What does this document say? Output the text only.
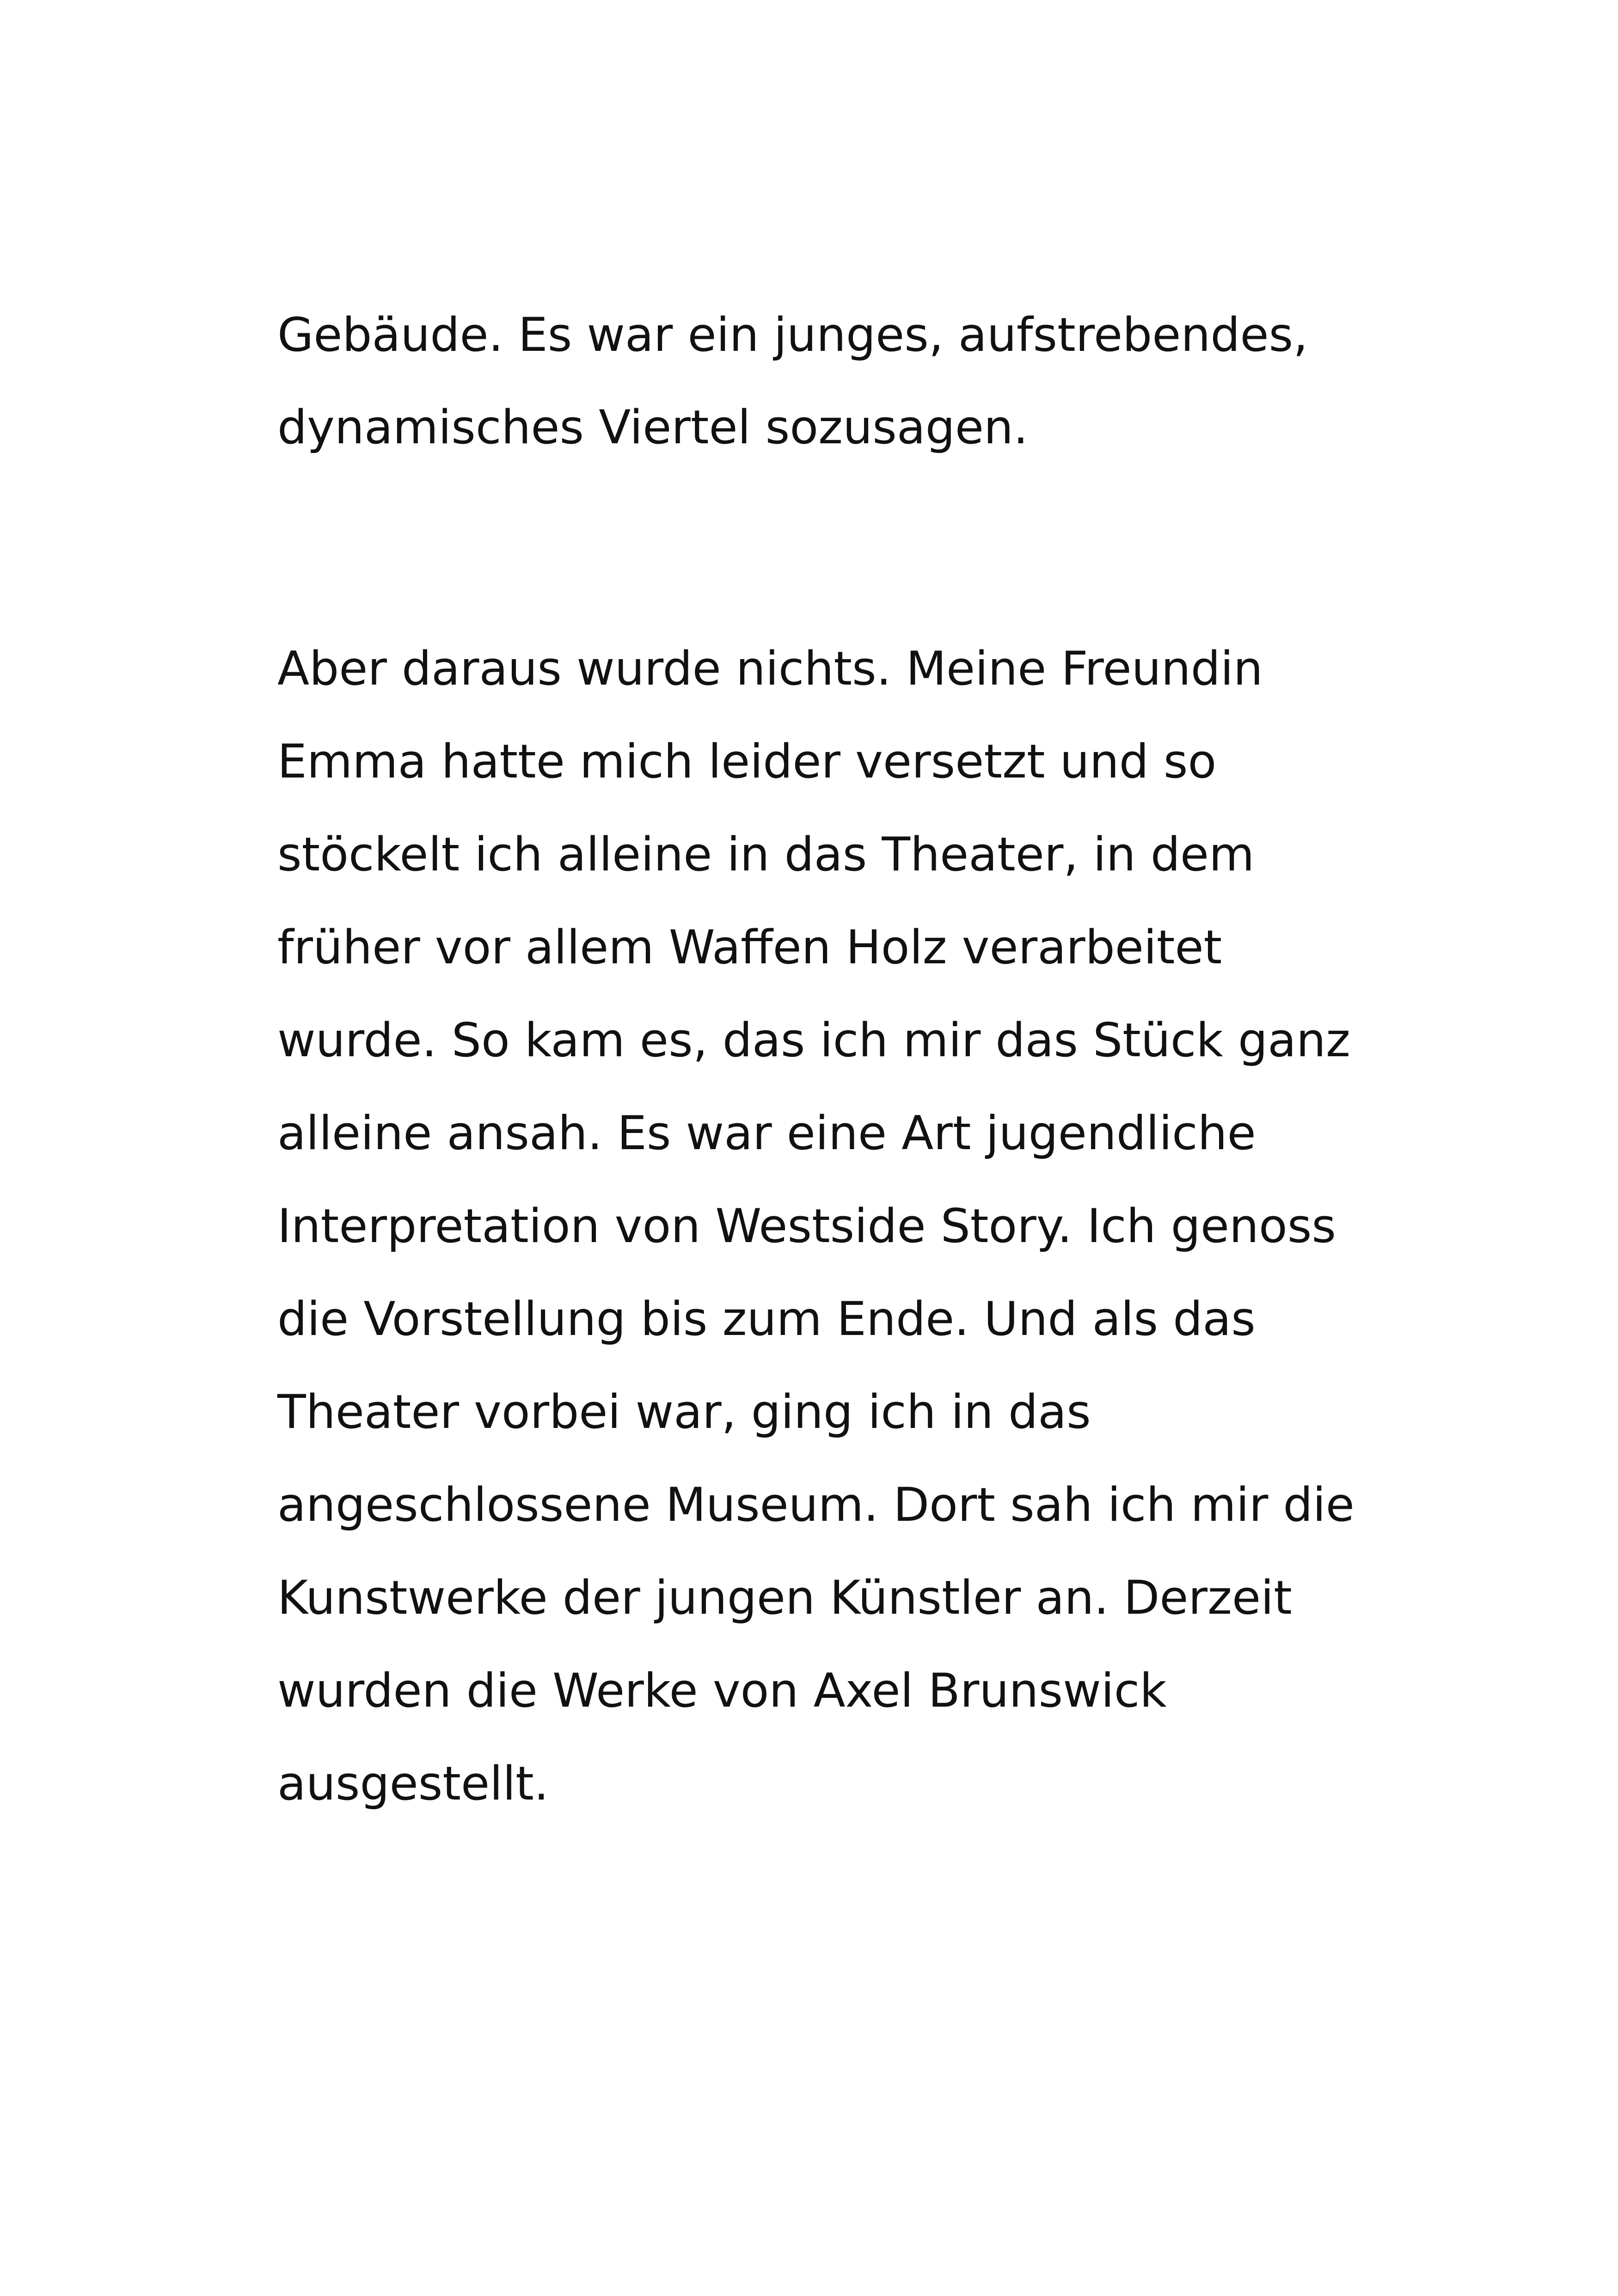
Gebäude. Es war ein junges, aufstrebendes,
dynamisches Viertel sozusagen.
Aber daraus wurde nichts. Meine Freundin
Emma hatte mich leider versetzt und so
stöckelt ich alleine in das Theater, in dem
früher vor allem Waffen Holz verarbeitet
wurde. So kam es, das ich mir das Stück ganz
alleine ansah. Es war eine Art jugendliche
Interpretation von Westside Story. Ich genoss
die Vorstellung bis zum Ende. Und als das
Theater vorbei war, ging ich in das
angeschlossene Museum. Dort sah ich mir die
Kunstwerke der jungen Künstler an. Derzeit
wurden die Werke von Axel Brunswick
ausgestellt.
